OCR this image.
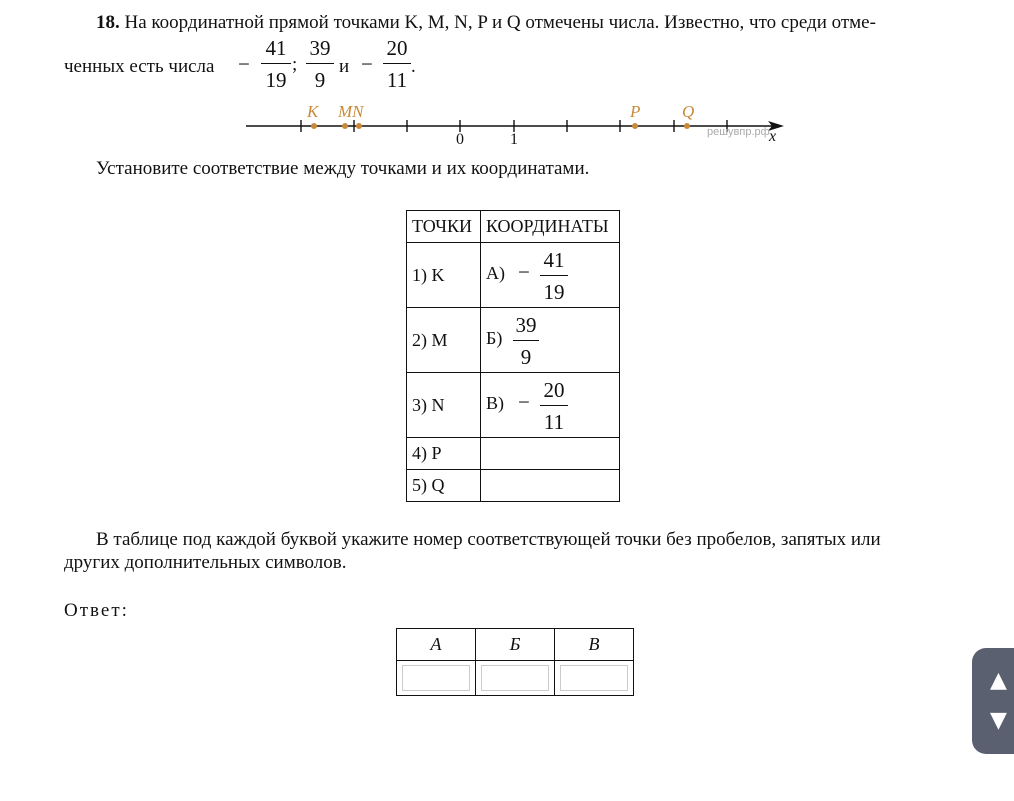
18. На координатной прямой точками K, M, N, P и Q отмечены числа. Известно, что среди отме-
ченных есть числа −
41
19
;
39
9
и −
20
11
.
K MN	P Q
0	1	решувпр.рф x
Установите соответствие между точками и их координатами.
ТОЧКИ	КООРДИНАТЫ
1) K	А) − 41
19

2) M	Б)
39
9

3) N	В) − 20
11

4) P	
5) Q	
В таблице под каждой буквой укажите номер соответствующей точки без пробелов, запятых или
других дополнительных символов.
Ответ:
А	Б	В

▲
▼
